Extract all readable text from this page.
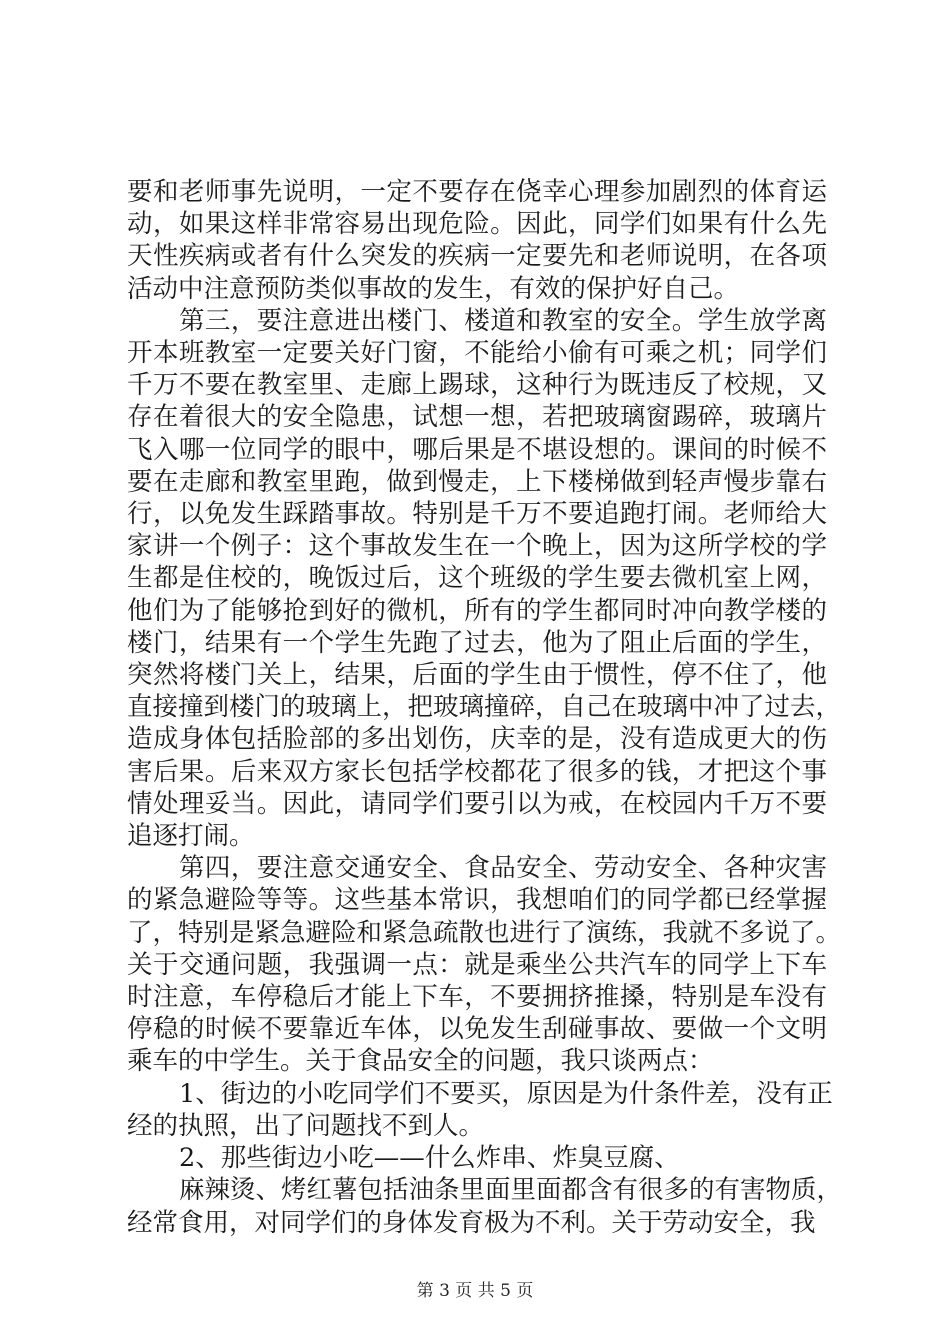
要和老师事先说明，一定不要存在侥幸心理参加剧烈的体育运
动，如果这样非常容易出现危险。因此，同学们如果有什么先
天性疾病或者有什么突发的疾病一定要先和老师说明，在各项
活动中注意预防类似事故的发生，有效的保护好自己。
第三，要注意进出楼门、楼道和教室的安全。学生放学离
开本班教室一定要关好门窗，不能给小偷有可乘之机；同学们
千万不要在教室里、走廊上踢球，这种行为既违反了校规，又
存在着很大的安全隐患，试想一想，若把玻璃窗踢碎，玻璃片
飞入哪一位同学的眼中，哪后果是不堪设想的。课间的时候不
要在走廊和教室里跑，做到慢走，上下楼梯做到轻声慢步靠右
行，以免发生踩踏事故。特别是千万不要追跑打闹。老师给大
家讲一个例子：这个事故发生在一个晚上，因为这所学校的学
生都是住校的，晚饭过后，这个班级的学生要去微机室上网，
他们为了能够抢到好的微机，所有的学生都同时冲向教学楼的
楼门，结果有一个学生先跑了过去，他为了阻止后面的学生，
突然将楼门关上，结果，后面的学生由于惯性，停不住了，他
直接撞到楼门的玻璃上，把玻璃撞碎，自己在玻璃中冲了过去，
造成身体包括脸部的多出划伤，庆幸的是，没有造成更大的伤
害后果。后来双方家长包括学校都花了很多的钱，才把这个事
情处理妥当。因此，请同学们要引以为戒，在校园内千万不要
追逐打闹。
第四，要注意交通安全、食品安全、劳动安全、各种灾害
的紧急避险等等。这些基本常识，我想咱们的同学都已经掌握
了，特别是紧急避险和紧急疏散也进行了演练，我就不多说了。
关于交通问题，我强调一点：就是乘坐公共汽车的同学上下车
时注意，车停稳后才能上下车，不要拥挤推搡，特别是车没有
停稳的时候不要靠近车体，以免发生刮碰事故、要做一个文明
乘车的中学生。关于食品安全的问题，我只谈两点：
1、街边的小吃同学们不要买，原因是为什条件差，没有正
经的执照，出了问题找不到人。
2、那些街边小吃——什么炸串、炸臭豆腐、
麻辣烫、烤红薯包括油条里面里面都含有很多的有害物质，
经常食用，对同学们的身体发育极为不利。关于劳动安全，我
第 3 页 共 5 页
